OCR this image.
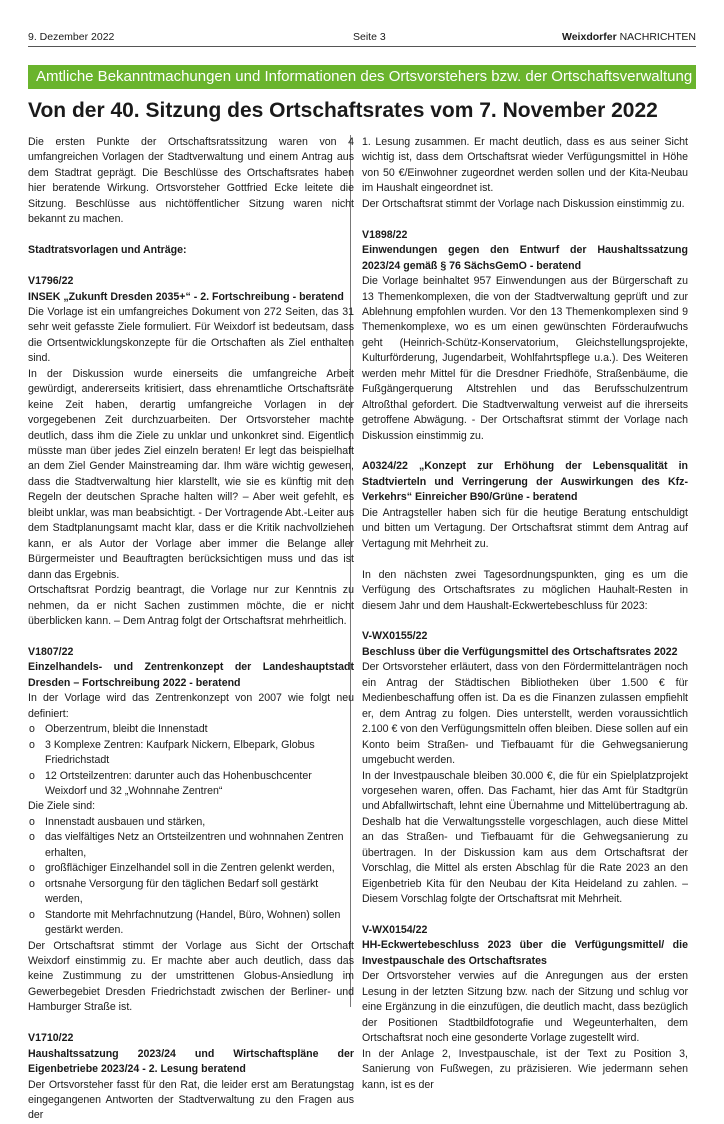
9. Dezember 2022	Seite 3	Weixdorfer NACHRICHTEN
Amtliche Bekanntmachungen und Informationen des Ortsvorstehers bzw. der Ortschaftsverwaltung
Von der 40. Sitzung des Ortschaftsrates vom 7. November 2022

Die ersten Punkte der Ortschaftsratssitzung waren von 4 umfangreichen Vorlagen der Stadtverwaltung und einem Antrag aus dem Stadtrat geprägt. Die Beschlüsse des Ortschaftsrates haben hier beratende Wirkung. Ortsvorsteher Gottfried Ecke leitete die Sitzung. Beschlüsse aus nichtöffentlicher Sitzung waren nicht bekannt zu machen.

Stadtratsvorlagen und Anträge:

V1796/22

INSEK „Zukunft Dresden 2035+“ - 2. Fortschreibung - beratend

Die Vorlage ist ein umfangreiches Dokument von 272 Seiten, das 31 sehr weit gefasste Ziele formuliert. Für Weixdorf ist bedeutsam, dass die Ortsentwicklungskonzepte für die Ortschaften als Ziel enthalten sind.

In der Diskussion wurde einerseits die umfangreiche Arbeit gewürdigt, andererseits kritisiert, dass ehrenamtliche Ortschaftsräte keine Zeit haben, derartig umfangreiche Vorlagen in der vorgegebenen Zeit durchzuarbeiten. Der Ortsvorsteher machte deutlich, dass ihm die Ziele zu unklar und unkonkret sind. Eigentlich müsste man über jedes Ziel einzeln beraten! Er legt das beispielhaft an dem Ziel Gender Mainstreaming dar. Ihm wäre wichtig gewesen, dass die Stadtverwaltung hier klarstellt, wie sie es künftig mit den Regeln der deutschen Sprache halten will? – Aber weit gefehlt, es bleibt unklar, was man beabsichtigt. - Der Vortragende Abt.-Leiter aus dem Stadtplanungsamt macht klar, dass er die Kritik nachvollziehen kann, er als Autor der Vorlage aber immer die Belange aller Bürgermeister und Beauftragten berücksichtigen muss und das ist dann das Ergebnis.

Ortschaftsrat Pordzig beantragt, die Vorlage nur zur Kenntnis zu nehmen, da er nicht Sachen zustimmen möchte, die er nicht überblicken kann. – Dem Antrag folgt der Ortschaftsrat mehrheitlich.

V1807/22

Einzelhandels- und Zentrenkonzept der Landeshauptstadt Dresden – Fortschreibung 2022 - beratend

In der Vorlage wird das Zentrenkonzept von 2007 wie folgt neu definiert:

o Oberzentrum, bleibt die Innenstadt
o 3 Komplexe Zentren: Kaufpark Nickern, Elbepark, Globus Friedrichstadt
o 12 Ortsteilzentren: darunter auch das Hohenbuschcenter Weixdorf und 32 „Wohnnahe Zentren“

Die Ziele sind:

o Innenstadt ausbauen und stärken,
o das vielfältiges Netz an Ortsteilzentren und wohnnahen Zentren erhalten,
o großflächiger Einzelhandel soll in die Zentren gelenkt werden,
o ortsnahe Versorgung für den täglichen Bedarf soll gestärkt werden,
o Standorte mit Mehrfachnutzung (Handel, Büro, Wohnen) sollen gestärkt werden.

Der Ortschaftsrat stimmt der Vorlage aus Sicht der Ortschaft Weixdorf einstimmig zu. Er machte aber auch deutlich, dass das keine Zustimmung zu der umstrittenen Globus-Ansiedlung im Gewerbegebiet Dresden Friedrichstadt zwischen der Berliner- und Hamburger Straße ist.

V1710/22

Haushaltssatzung 2023/24 und Wirtschaftspläne der Eigenbetriebe 2023/24 - 2. Lesung beratend

Der Ortsvorsteher fasst für den Rat, die leider erst am Beratungstag eingegangenen Antworten der Stadtverwaltung zu den Fragen aus der

1. Lesung zusammen. Er macht deutlich, dass es aus seiner Sicht wichtig ist, dass dem Ortschaftsrat wieder Verfügungsmittel in Höhe von 50 €/Einwohner zugeordnet werden sollen und der Kita-Neubau im Haushalt eingeordnet ist.

Der Ortschaftsrat stimmt der Vorlage nach Diskussion einstimmig zu.

V1898/22

Einwendungen gegen den Entwurf der Haushaltssatzung 2023/24 gemäß § 76 SächsGemO - beratend

Die Vorlage beinhaltet 957 Einwendungen aus der Bürgerschaft zu 13 Themenkomplexen, die von der Stadtverwaltung geprüft und zur Ablehnung empfohlen wurden. Vor den 13 Themenkomplexen sind 9 Themenkomplexe, wo es um einen gewünschten Förderaufwuchs geht (Heinrich-Schütz-Konservatorium, Gleichstellungsprojekte, Kulturförderung, Jugendarbeit, Wohlfahrtspflege u.a.). Des Weiteren werden mehr Mittel für die Dresdner Friedhöfe, Straßenbäume, die Fußgängerquerung Altstrehlen und das Berufsschulzentrum Altroßthal gefordert. Die Stadtverwaltung verweist auf die ihrerseits getroffene Abwägung. - Der Ortschaftsrat stimmt der Vorlage nach Diskussion einstimmig zu.

A0324/22 „Konzept zur Erhöhung der Lebensqualität in Stadtvierteln und Verringerung der Auswirkungen des Kfz-Verkehrs“ Einreicher B90/Grüne - beratend

Die Antragsteller haben sich für die heutige Beratung entschuldigt und bitten um Vertagung. Der Ortschaftsrat stimmt dem Antrag auf Vertagung mit Mehrheit zu.

In den nächsten zwei Tagesordnungspunkten, ging es um die Verfügung des Ortschaftsrates zu möglichen Hauhalt-Resten in diesem Jahr und dem Haushalt-Eckwertebeschluss für 2023:

V-WX0155/22

Beschluss über die Verfügungsmittel des Ortschaftsrates 2022

Der Ortsvorsteher erläutert, dass von den Fördermittelanträgen noch ein Antrag der Städtischen Bibliotheken über 1.500 € für Medienbeschaffung offen ist. Da es die Finanzen zulassen empfiehlt er, dem Antrag zu folgen. Dies unterstellt, werden voraussichtlich 2.100 € von den Verfügungsmitteln offen bleiben. Diese sollen auf ein Konto beim Straßen- und Tiefbauamt für die Gehwegsanierung umgebucht werden.

In der Investpauschale bleiben 30.000 €, die für ein Spielplatzprojekt vorgesehen waren, offen. Das Fachamt, hier das Amt für Stadtgrün und Abfallwirtschaft, lehnt eine Übernahme und Mittelübertragung ab. Deshalb hat die Verwaltungsstelle vorgeschlagen, auch diese Mittel an das Straßen- und Tiefbauamt für die Gehwegsanierung zu übertragen. In der Diskussion kam aus dem Ortschaftsrat der Vorschlag, die Mittel als ersten Abschlag für die Rate 2023 an den Eigenbetrieb Kita für den Neubau der Kita Heideland zu zahlen. – Diesem Vorschlag folgte der Ortschaftsrat mit Mehrheit.

V-WX0154/22

HH-Eckwertebeschluss 2023 über die Verfügungsmittel/ die Investpauschale des Ortschaftsrates

Der Ortsvorsteher verwies auf die Anregungen aus der ersten Lesung in der letzten Sitzung bzw. nach der Sitzung und schlug vor eine Ergänzung in die einzufügen, die deutlich macht, dass bezüglich der Positionen Stadtbildfotografie und Wegeunterhalten, dem Ortschaftsrat noch eine gesonderte Vorlage zugestellt wird.

In der Anlage 2, Investpauschale, ist der Text zu Position 3, Sanierung von Fußwegen, zu präzisieren. Wie jedermann sehen kann, ist es der
